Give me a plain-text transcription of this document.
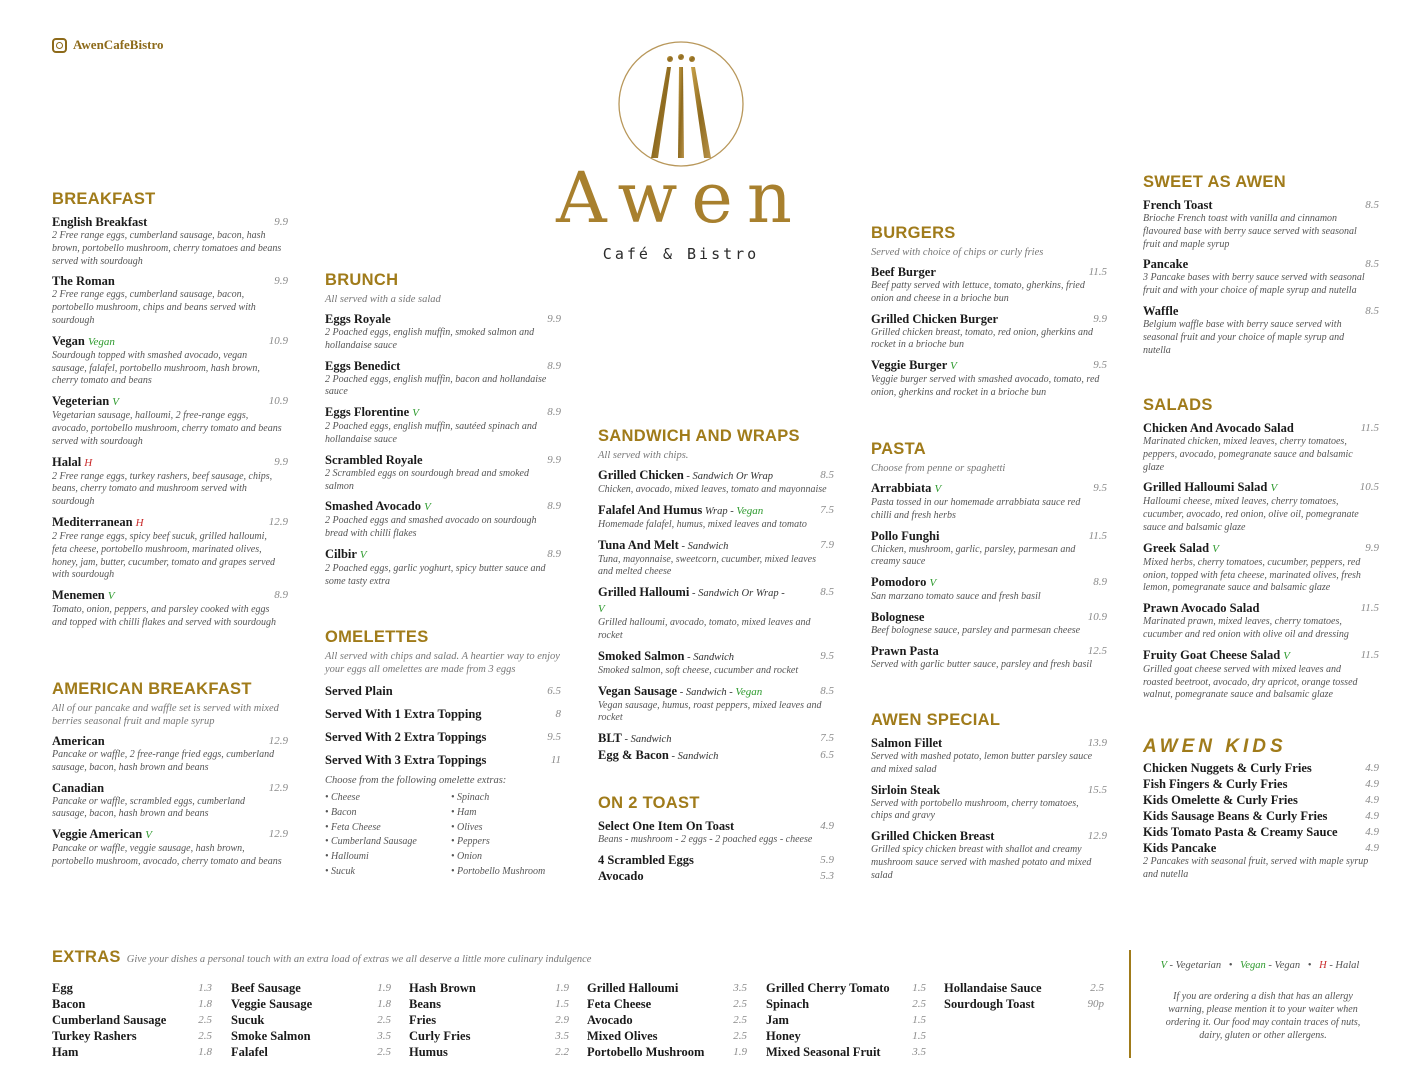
AwenCafeBistro
Awen
Café & Bistro
BREAKFAST
English Breakfast	9.9
2 Free range eggs, cumberland sausage, bacon, hash brown, portobello mushroom, cherry tomatoes and beans served with sourdough
The Roman	9.9
2 Free range eggs, cumberland sausage, bacon, portobello mushroom, chips and beans served with sourdough
Vegan Vegan	10.9
Sourdough topped with smashed avocado, vegan sausage, falafel, portobello mushroom, hash brown, cherry tomato and beans
Vegeterian V	10.9
Vegetarian sausage, halloumi, 2 free-range eggs, avocado, portobello mushroom, cherry tomato and beans served with sourdough
Halal H	9.9
2 Free range eggs, turkey rashers, beef sausage, chips, beans, cherry tomato and mushroom served with sourdough
Mediterranean H	12.9
2 Free range eggs, spicy beef sucuk, grilled halloumi, feta cheese, portobello mushroom, marinated olives, honey, jam, butter, cucumber, tomato and grapes served with sourdough
Menemen V	8.9
Tomato, onion, peppers, and parsley cooked with eggs and topped with chilli flakes and served with sourdough
AMERICAN BREAKFAST
All of our pancake and waffle set is served with mixed berries seasonal fruit and maple syrup
American	12.9
Pancake or waffle, 2 free-range fried eggs, cumberland sausage, bacon, hash brown and beans
Canadian	12.9
Pancake or waffle, scrambled eggs, cumberland sausage, bacon, hash brown and beans
Veggie American V	12.9
Pancake or waffle, veggie sausage, hash brown, portobello mushroom, avocado, cherry tomato and beans
BRUNCH
All served with a side salad
Eggs Royale	9.9
2 Poached eggs, english muffin, smoked salmon and hollandaise sauce
Eggs Benedict	8.9
2 Poached eggs, english muffin, bacon and hollandaise sauce
Eggs Florentine V	8.9
2 Poached eggs, english muffin, sautéed spinach and hollandaise sauce
Scrambled Royale	9.9
2 Scrambled eggs on sourdough bread and smoked salmon
Smashed Avocado V	8.9
2 Poached eggs and smashed avocado on sourdough bread with chilli flakes
Cilbir V	8.9
2 Poached eggs, garlic yoghurt, spicy butter sauce and some tasty extra
OMELETTES
All served with chips and salad. A heartier way to enjoy your eggs all omelettes are made from 3 eggs
Served Plain	6.5
Served With 1 Extra Topping	8
Served With 2 Extra Toppings	9.5
Served With 3 Extra Toppings	11
Choose from the following omelette extras:
• Cheese	• Spinach
• Bacon	• Ham
• Feta Cheese	• Olives
• Cumberland Sausage	• Peppers
• Halloumi	• Onion
• Sucuk	• Portobello Mushroom
SANDWICH AND WRAPS
All served with chips.
Grilled Chicken - Sandwich Or Wrap	8.5
Chicken, avocado, mixed leaves, tomato and mayonnaise
Falafel And Humus Wrap - Vegan	7.5
Homemade falafel, humus, mixed leaves and tomato
Tuna And Melt - Sandwich	7.9
Tuna, mayonnaise, sweetcorn, cucumber, mixed leaves and melted cheese
Grilled Halloumi - Sandwich Or Wrap - V
8.5
Grilled halloumi, avocado, tomato, mixed leaves and rocket
Smoked Salmon - Sandwich	9.5
Smoked salmon, soft cheese, cucumber and rocket
Vegan Sausage - Sandwich - Vegan	8.5
Vegan sausage, humus, roast peppers, mixed leaves and rocket
BLT - Sandwich	7.5
Egg & Bacon - Sandwich	6.5
ON 2 TOAST
Select One Item On Toast	4.9
Beans - mushroom - 2 eggs - 2 poached eggs - cheese
4 Scrambled Eggs	5.9
Avocado	5.3
BURGERS
Served with choice of chips or curly fries
Beef Burger	11.5
Beef patty served with lettuce, tomato, gherkins, fried onion and cheese in a brioche bun
Grilled Chicken Burger	9.9
Grilled chicken breast, tomato, red onion, gherkins and rocket in a brioche bun
Veggie Burger V	9.5
Veggie burger served with smashed avocado, tomato, red onion, gherkins and rocket in a brioche bun
PASTA
Choose from penne or spaghetti
Arrabbiata V	9.5
Pasta tossed in our homemade arrabbiata sauce red chilli and fresh herbs
Pollo Funghi	11.5
Chicken, mushroom, garlic, parsley, parmesan and creamy sauce
Pomodoro V	8.9
San marzano tomato sauce and fresh basil
Bolognese	10.9
Beef bolognese sauce, parsley and parmesan cheese
Prawn Pasta	12.5
Served with garlic butter sauce, parsley and fresh basil
AWEN SPECIAL
Salmon Fillet	13.9
Served with mashed potato, lemon butter parsley sauce and mixed salad
Sirloin Steak	15.5
Served with portobello mushroom, cherry tomatoes, chips and gravy
Grilled Chicken Breast	12.9
Grilled spicy chicken breast with shallot and creamy mushroom sauce served with mashed potato and mixed salad
SWEET AS AWEN
French Toast	8.5
Brioche French toast with vanilla and cinnamon flavoured base with berry sauce served with seasonal fruit and maple syrup
Pancake	8.5
3 Pancake bases with berry sauce served with seasonal fruit and with your choice of maple syrup and nutella
Waffle	8.5
Belgium waffle base with berry sauce served with seasonal fruit and your choice of maple syrup and nutella
SALADS
Chicken And Avocado Salad	11.5
Marinated chicken, mixed leaves, cherry tomatoes, peppers, avocado, pomegranate sauce and balsamic glaze
Grilled Halloumi Salad V	10.5
Halloumi cheese, mixed leaves, cherry tomatoes, cucumber, avocado, red onion, olive oil, pomegranate sauce and balsamic glaze
Greek Salad V	9.9
Mixed herbs, cherry tomatoes, cucumber, peppers, red onion, topped with feta cheese, marinated olives, fresh lemon, pomegranate sauce and balsamic glaze
Prawn Avocado Salad	11.5
Marinated prawn, mixed leaves, cherry tomatoes, cucumber and red onion with olive oil and dressing
Fruity Goat Cheese Salad V	11.5
Grilled goat cheese served with mixed leaves and roasted beetroot, avocado, dry apricot, orange tossed walnut, pomegranate sauce and balsamic glaze
AWEN KIDS
Chicken Nuggets & Curly Fries	4.9
Fish Fingers & Curly Fries	4.9
Kids Omelette & Curly Fries	4.9
Kids Sausage Beans & Curly Fries	4.9
Kids Tomato Pasta & Creamy Sauce	4.9
Kids Pancake	4.9
2 Pancakes with seasonal fruit, served with maple syrup and nutella
EXTRAS Give your dishes a personal touch with an extra load of extras we all deserve a little more culinary indulgence
Egg	1.3
Bacon	1.8
Cumberland Sausage	2.5
Turkey Rashers	2.5
Ham	1.8
Beef Sausage	1.9
Veggie Sausage	1.8
Sucuk	2.5
Smoke Salmon	3.5
Falafel	2.5
Hash Brown	1.9
Beans	1.5
Fries	2.9
Curly Fries	3.5
Humus	2.2
Grilled Halloumi	3.5
Feta Cheese	2.5
Avocado	2.5
Mixed Olives	2.5
Portobello Mushroom	1.9
Grilled Cherry Tomato 1.5
Spinach	2.5
Jam	1.5
Honey	1.5
Mixed Seasonal Fruit	3.5
Hollandaise Sauce	2.5
Sourdough Toast	90p
V - Vegetarian • Vegan - Vegan • H - Halal
If you are ordering a dish that has an allergy warning, please mention it to your waiter when ordering it. Our food may contain traces of nuts, dairy, gluten or other allergens.
